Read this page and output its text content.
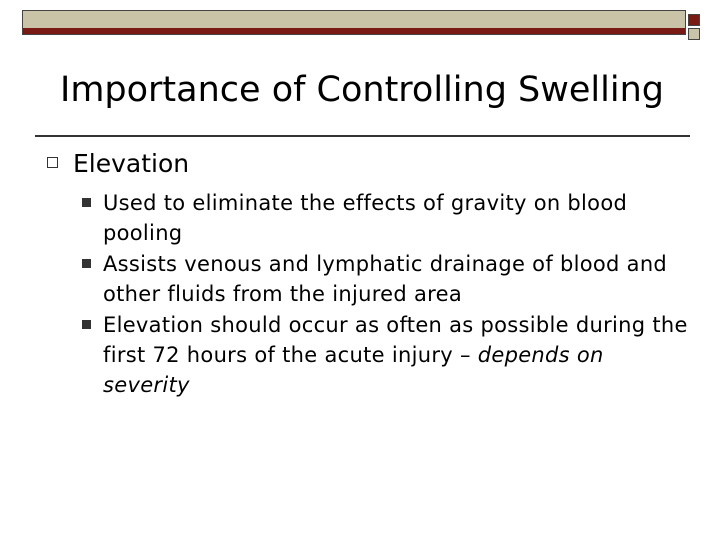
Importance of Controlling Swelling
Elevation
Used to eliminate the effects of gravity on blood pooling
Assists venous and lymphatic drainage of blood and other fluids from the injured area
Elevation should occur as often as possible during the first 72 hours of the acute injury – depends on severity
